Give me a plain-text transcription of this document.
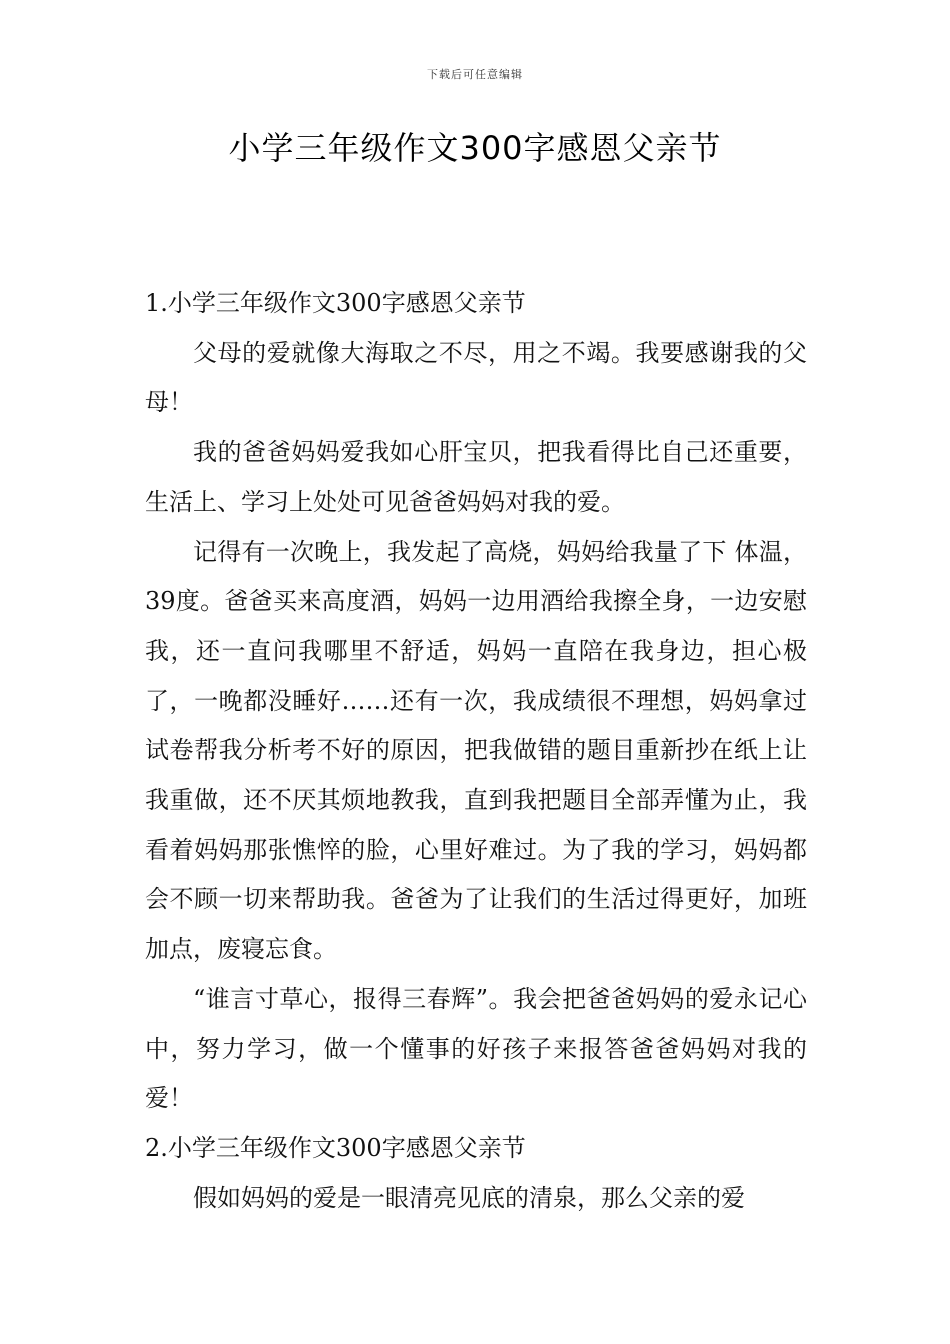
下载后可任意编辑
小学三年级作文300字感恩父亲节

1.小学三年级作文300字感恩父亲节

父母的爱就像大海取之不尽，用之不竭。我要感谢我的父母！

我的爸爸妈妈爱我如心肝宝贝，把我看得比自己还重要，生活上、学习上处处可见爸爸妈妈对我的爱。

记得有一次晚上，我发起了高烧，妈妈给我量了下 体温，39度。爸爸买来高度酒，妈妈一边用酒给我擦全身，一边安慰我，还一直问我哪里不舒适，妈妈一直陪在我身边，担心极了，一晚都没睡好……还有一次，我成绩很不理想，妈妈拿过试卷帮我分析考不好的原因，把我做错的题目重新抄在纸上让我重做，还不厌其烦地教我，直到我把题目全部弄懂为止，我看着妈妈那张憔悴的脸，心里好难过。为了我的学习，妈妈都会不顾一切来帮助我。爸爸为了让我们的生活过得更好，加班加点，废寝忘食。

“谁言寸草心，报得三春辉”。我会把爸爸妈妈的爱永记心中，努力学习，做一个懂事的好孩子来报答爸爸妈妈对我的爱！

2.小学三年级作文300字感恩父亲节

假如妈妈的爱是一眼清亮见底的清泉，那么父亲的爱
